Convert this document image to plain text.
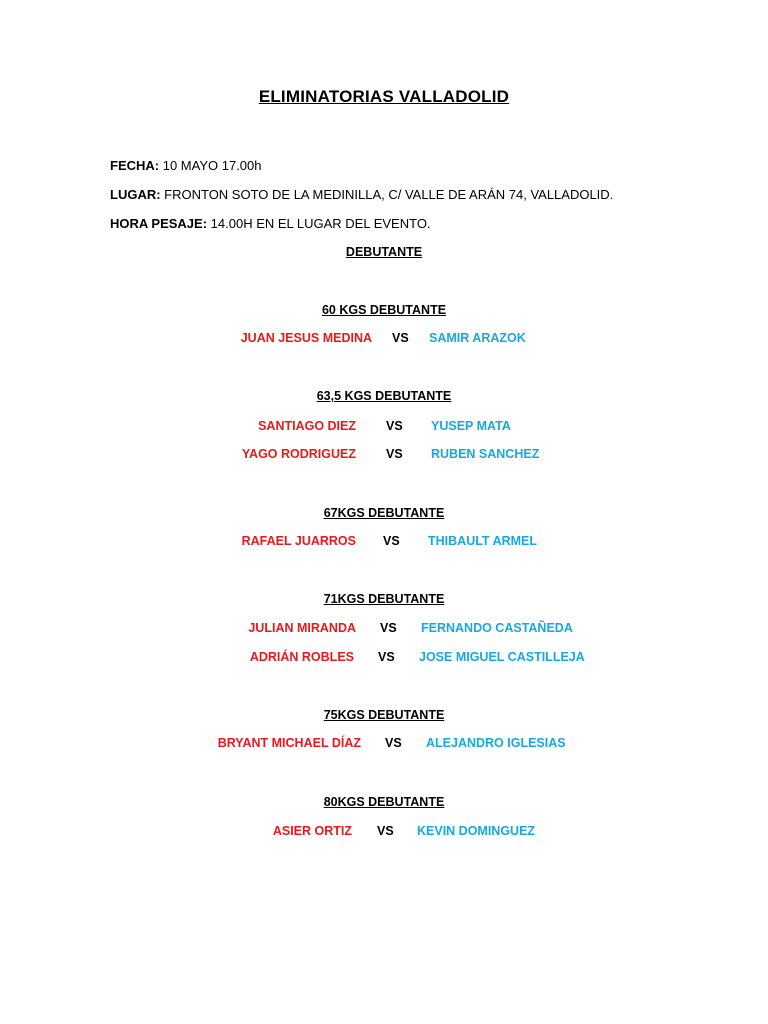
ELIMINATORIAS VALLADOLID
FECHA: 10 MAYO 17.00h
LUGAR: FRONTON SOTO DE LA MEDINILLA, C/ VALLE DE ARÁN 74, VALLADOLID.
HORA PESAJE: 14.00H EN EL LUGAR DEL EVENTO.
DEBUTANTE
60 KGS DEBUTANTE
JUAN JESUS MEDINA VS SAMIR ARAZOK
63,5 KGS DEBUTANTE
SANTIAGO DIEZ VS YUSEP MATA
YAGO RODRIGUEZ VS RUBEN SANCHEZ
67KGS DEBUTANTE
RAFAEL JUARROS VS THIBAULT ARMEL
71KGS DEBUTANTE
JULIAN MIRANDA VS FERNANDO CASTAÑEDA
ADRIÁN ROBLES VS JOSE MIGUEL CASTILLEJA
75KGS DEBUTANTE
BRYANT MICHAEL DÍAZ VS ALEJANDRO IGLESIAS
80KGS DEBUTANTE
ASIER ORTIZ VS KEVIN DOMINGUEZ
